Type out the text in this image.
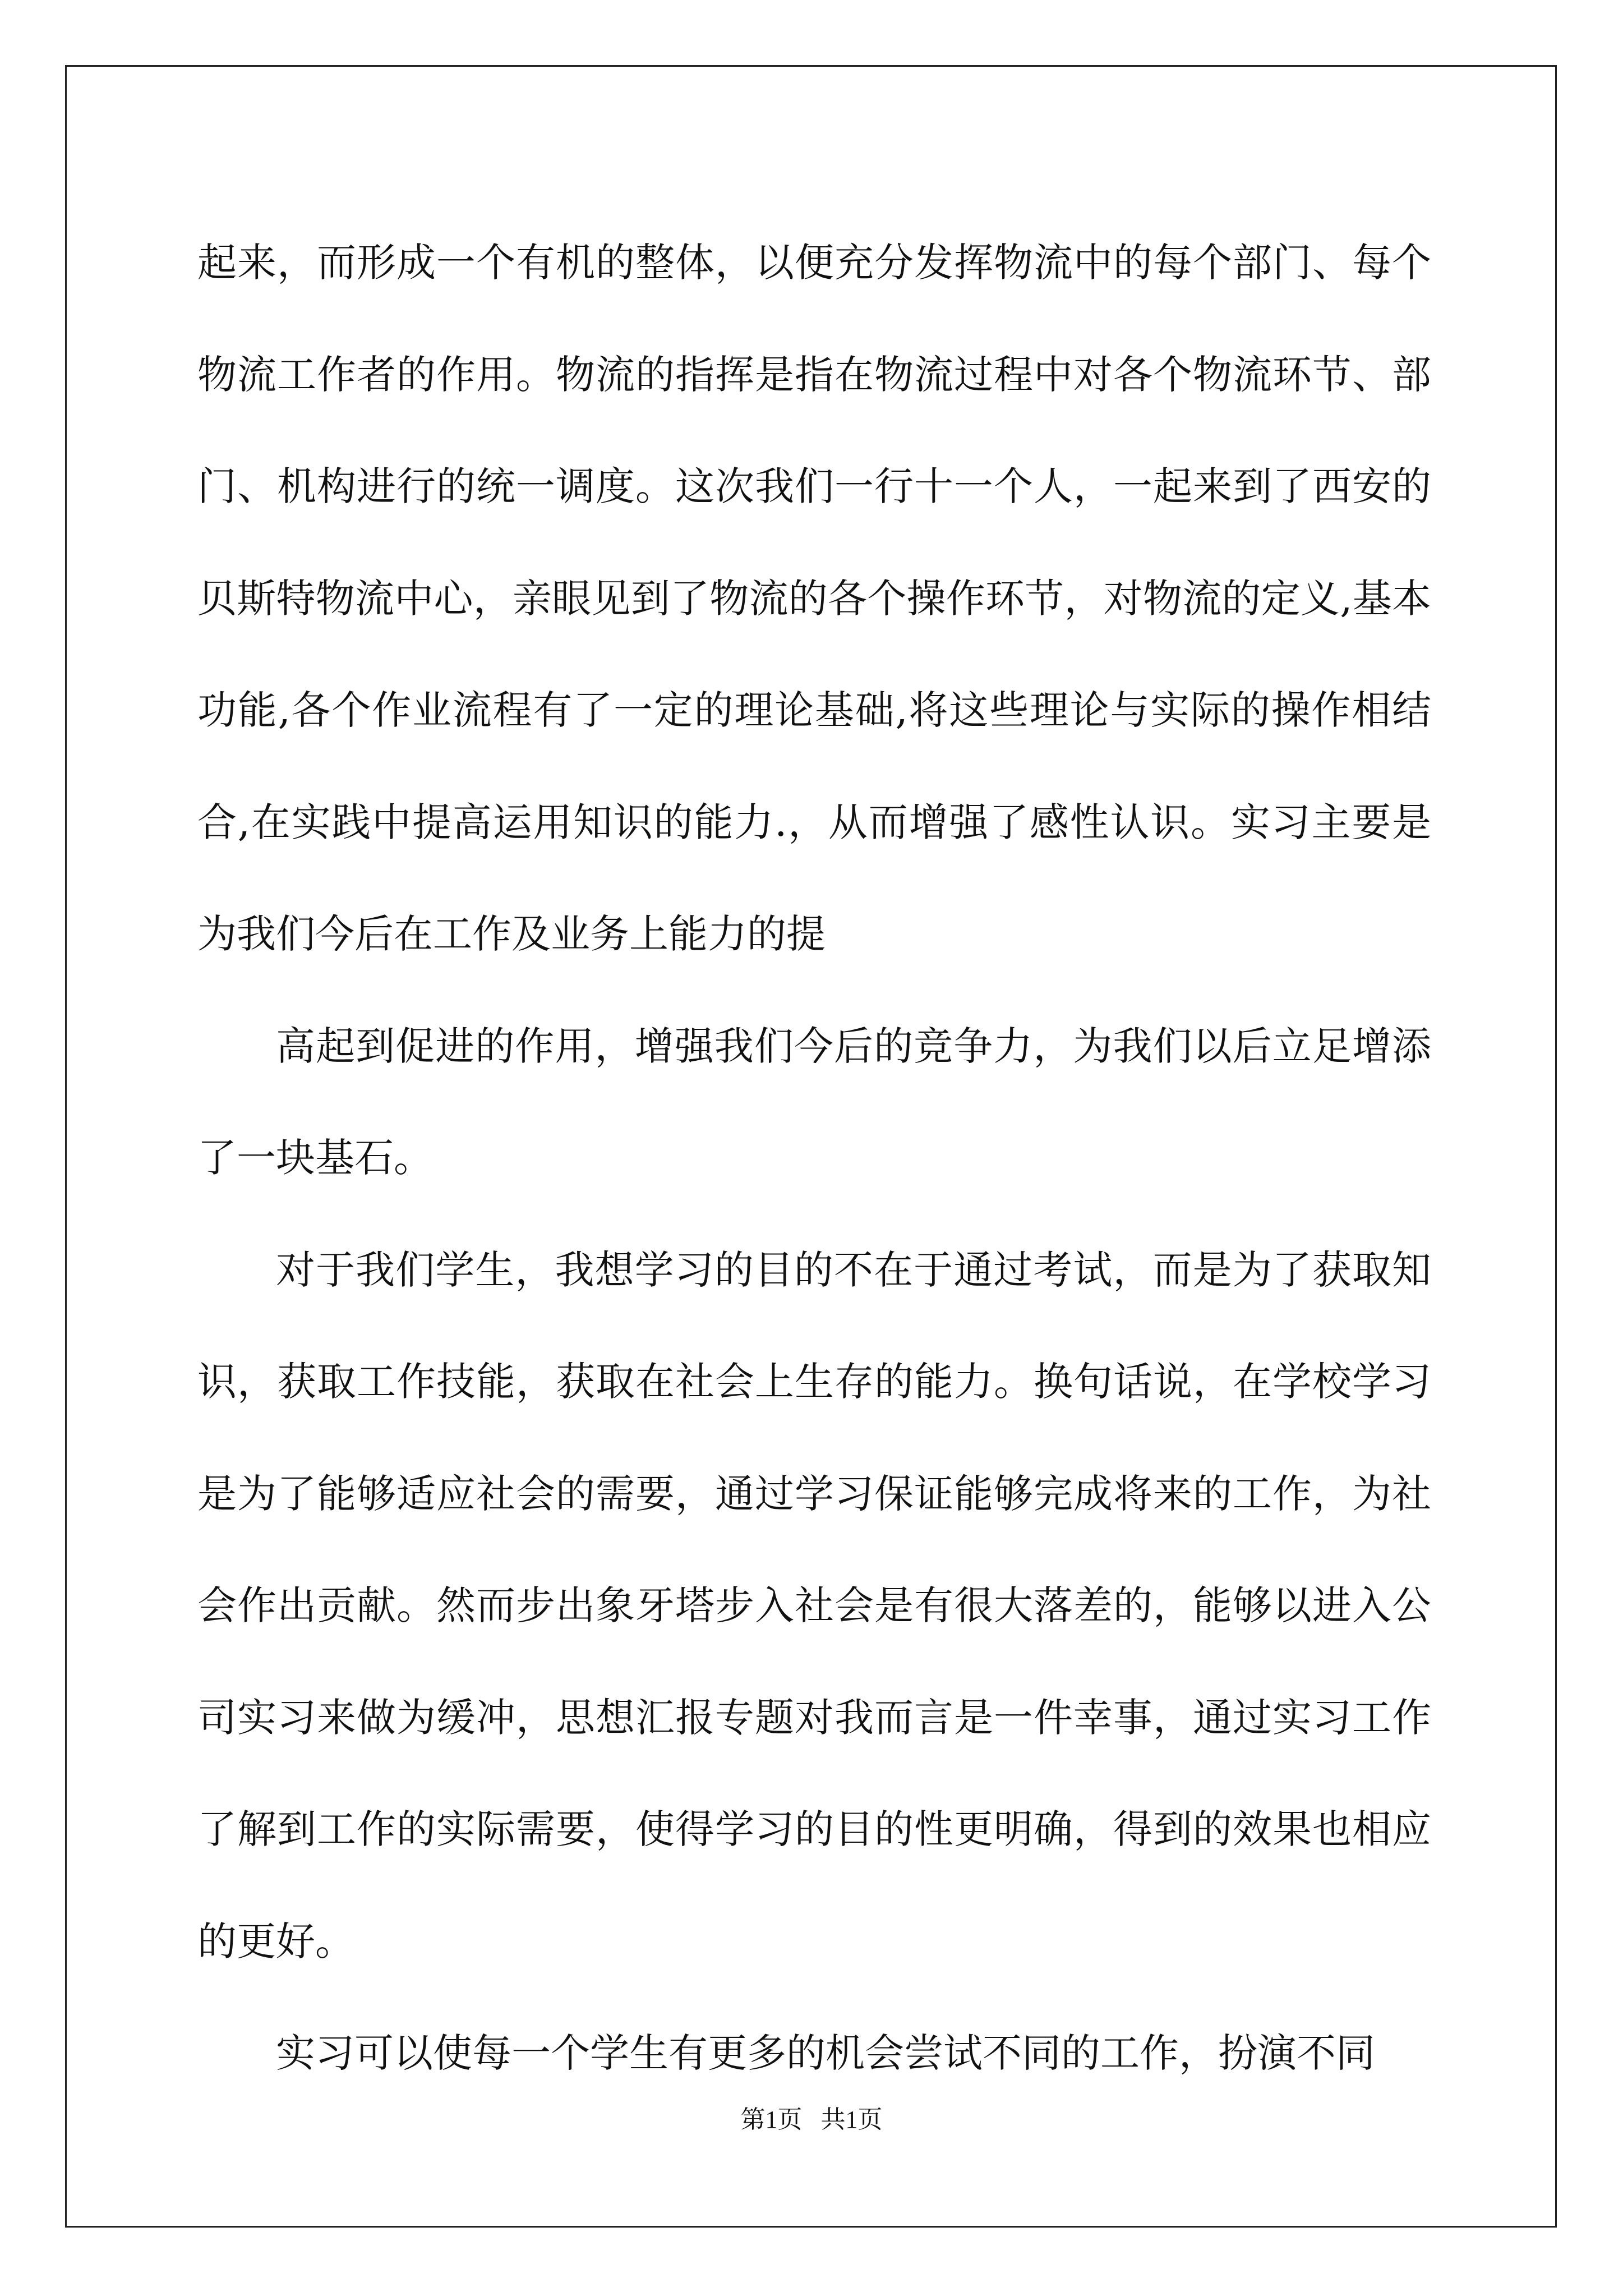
起来，而形成一个有机的整体，以便充分发挥物流中的每个部门、每个物流工作者的作用。物流的指挥是指在物流过程中对各个物流环节、部门、机构进行的统一调度。这次我们一行十一个人，一起来到了西安的贝斯特物流中心，亲眼见到了物流的各个操作环节，对物流的定义,基本功能,各个作业流程有了一定的理论基础,将这些理论与实际的操作相结合,在实践中提高运用知识的能力.，从而增强了感性认识。实习主要是为我们今后在工作及业务上能力的提

高起到促进的作用，增强我们今后的竞争力，为我们以后立足增添了一块基石。

对于我们学生，我想学习的目的不在于通过考试，而是为了获取知识，获取工作技能，获取在社会上生存的能力。换句话说，在学校学习是为了能够适应社会的需要，通过学习保证能够完成将来的工作，为社会作出贡献。然而步出象牙塔步入社会是有很大落差的，能够以进入公司实习来做为缓冲，思想汇报专题对我而言是一件幸事，通过实习工作了解到工作的实际需要，使得学习的目的性更明确，得到的效果也相应的更好。

实习可以使每一个学生有更多的机会尝试不同的工作，扮演不同

第1页   共1页
